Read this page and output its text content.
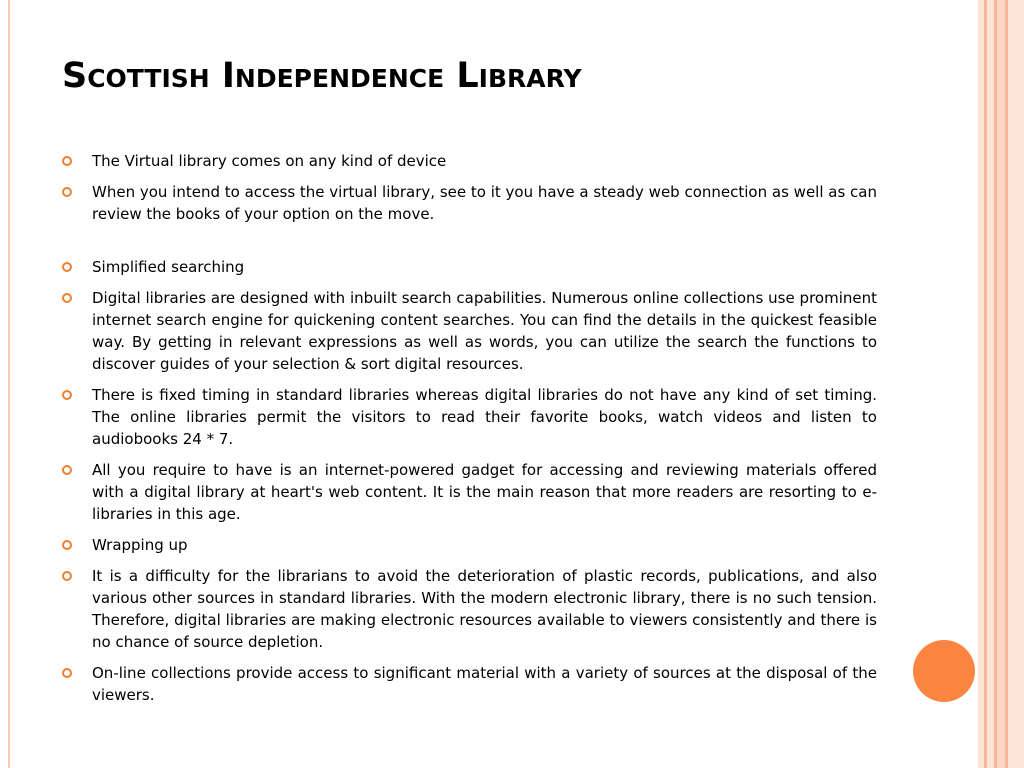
Scottish Independence Library
The Virtual library comes on any kind of device
When you intend to access the virtual library, see to it you have a steady web connection as well as can review the books of your option on the move.
Simplified searching
Digital libraries are designed with inbuilt search capabilities. Numerous online collections use prominent internet search engine for quickening content searches. You can find the details in the quickest feasible way. By getting in relevant expressions as well as words, you can utilize the search the functions to discover guides of your selection & sort digital resources.
There is fixed timing in standard libraries whereas digital libraries do not have any kind of set timing. The online libraries permit the visitors to read their favorite books, watch videos and listen to audiobooks 24 * 7.
All you require to have is an internet-powered gadget for accessing and reviewing materials offered with a digital library at heart's web content. It is the main reason that more readers are resorting to e-libraries in this age.
Wrapping up
It is a difficulty for the librarians to avoid the deterioration of plastic records, publications, and also various other sources in standard libraries. With the modern electronic library, there is no such tension. Therefore, digital libraries are making electronic resources available to viewers consistently and there is no chance of source depletion.
On-line collections provide access to significant material with a variety of sources at the disposal of the viewers.
